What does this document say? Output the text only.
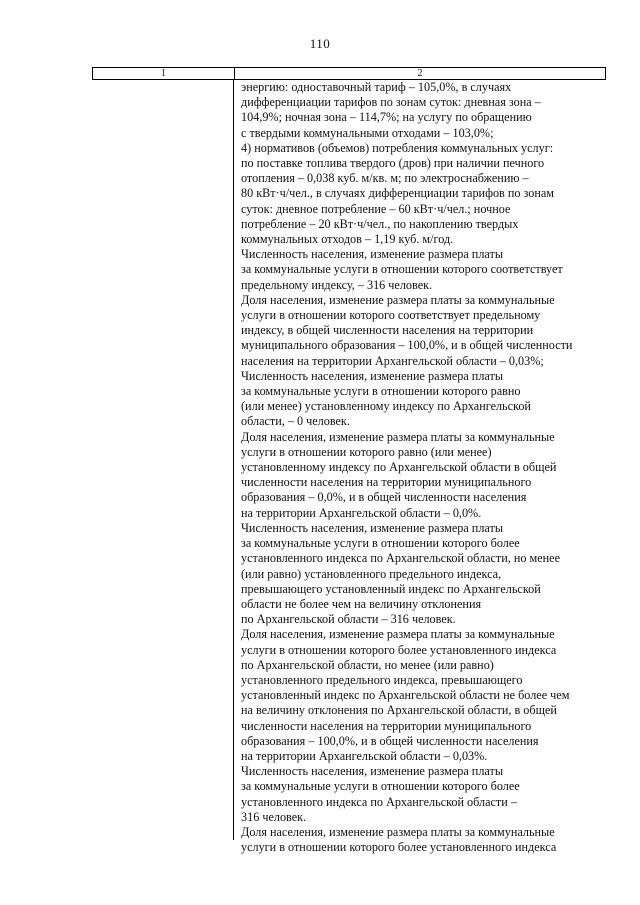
110
1	2
энергию: одноставочный тариф – 105,0%, в случаях
дифференциации тарифов по зонам суток: дневная зона –
104,9%; ночная зона – 114,7%; на услугу по обращению
с твердыми коммунальными отходами – 103,0%;
4) нормативов (объемов) потребления коммунальных услуг:
по поставке топлива твердого (дров) при наличии печного
отопления – 0,038 куб. м/кв. м; по электроснабжению –
80 кВт·ч/чел., в случаях дифференциации тарифов по зонам
суток: дневное потребление – 60 кВт·ч/чел.; ночное
потребление – 20 кВт·ч/чел., по накоплению твердых
коммунальных отходов – 1,19 куб. м/год.
Численность населения, изменение размера платы
за коммунальные услуги в отношении которого соответствует
предельному индексу, – 316 человек.
Доля населения, изменение размера платы за коммунальные
услуги в отношении которого соответствует предельному
индексу, в общей численности населения на территории
муниципального образования – 100,0%, и в общей численности
населения на территории Архангельской области – 0,03%;
Численность населения, изменение размера платы
за коммунальные услуги в отношении которого равно
(или менее) установленному индексу по Архангельской
области, – 0 человек.
Доля населения, изменение размера платы за коммунальные
услуги в отношении которого равно (или менее)
установленному индексу по Архангельской области в общей
численности населения на территории муниципального
образования – 0,0%, и в общей численности населения
на территории Архангельской области – 0,0%.
Численность населения, изменение размера платы
за коммунальные услуги в отношении которого более
установленного индекса по Архангельской области, но менее
(или равно) установленного предельного индекса,
превышающего установленный индекс по Архангельской
области не более чем на величину отклонения
по Архангельской области – 316 человек.
Доля населения, изменение размера платы за коммунальные
услуги в отношении которого более установленного индекса
по Архангельской области, но менее (или равно)
установленного предельного индекса, превышающего
установленный индекс по Архангельской области не более чем
на величину отклонения по Архангельской области, в общей
численности населения на территории муниципального
образования – 100,0%, и в общей численности населения
на территории Архангельской области – 0,03%.
Численность населения, изменение размера платы
за коммунальные услуги в отношении которого более
установленного индекса по Архангельской области –
316 человек.
Доля населения, изменение размера платы за коммунальные
услуги в отношении которого более установленного индекса
